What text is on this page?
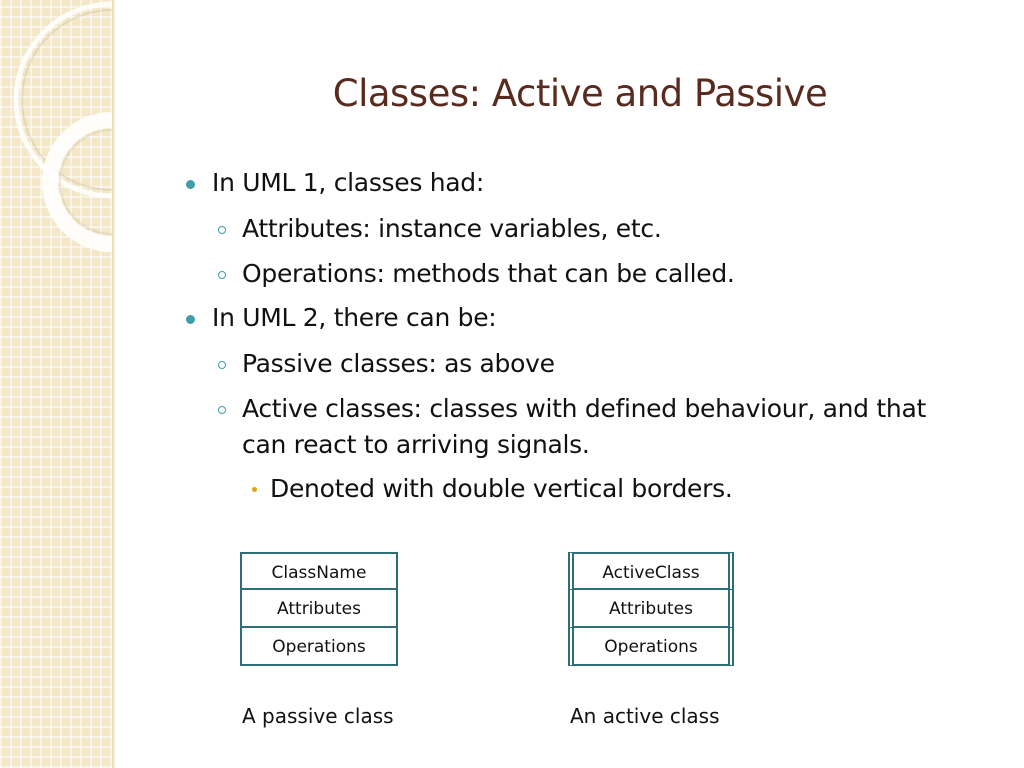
Classes: Active and Passive
In UML 1, classes had:
Attributes: instance variables, etc.
Operations: methods that can be called.
In UML 2, there can be:
Passive classes: as above
Active classes: classes with defined behaviour, and that can react to arriving signals.
Denoted with double vertical borders.
ClassName
Attributes
Operations
ActiveClass
Attributes
Operations
A passive class	An active class
